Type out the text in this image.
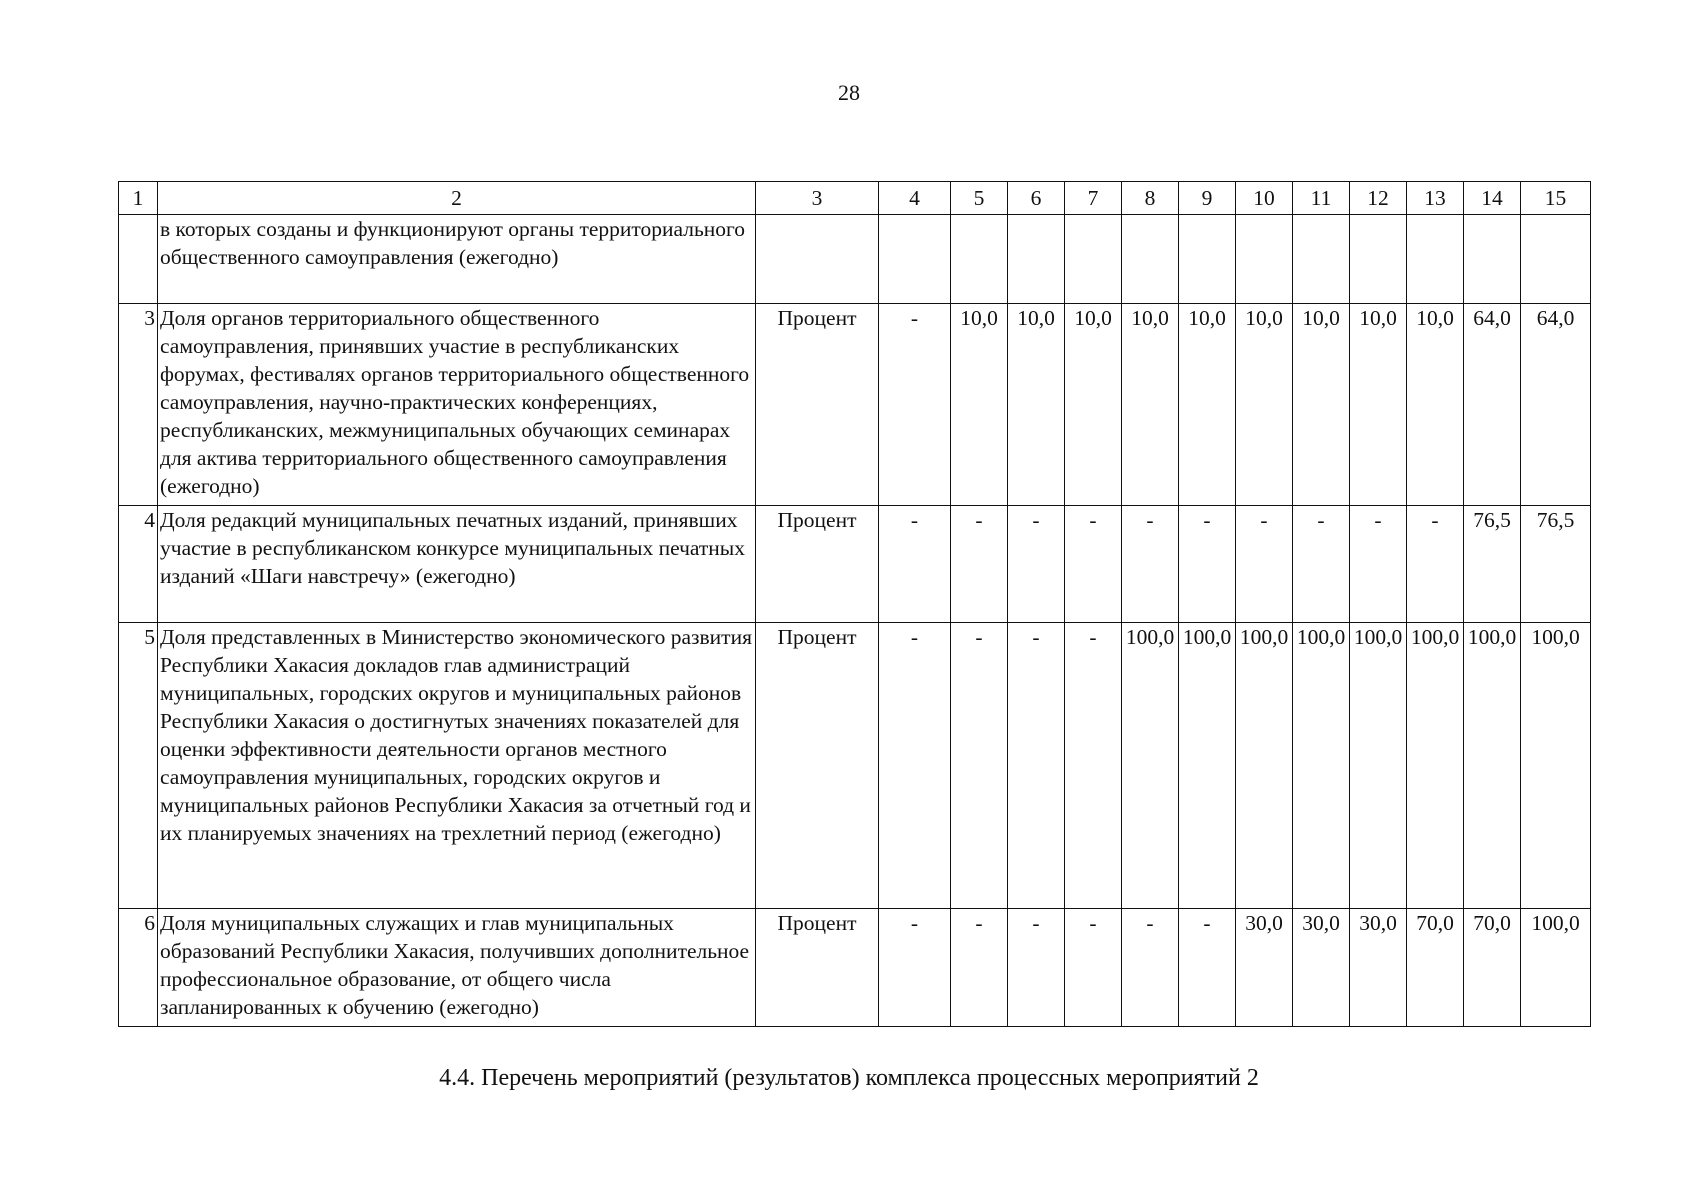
28
1	2	3	4	5	6	7	8	9	10	11	12	13	14	15
	в которых созданы и функционируют органы территориального общественного самоуправления (ежегодно)													
3	Доля органов территориального общественного самоуправления, принявших участие в республиканских форумах, фестивалях органов территориального общественного самоуправления, научно-практических конференциях, республиканских, межмуниципальных обучающих семинарах для актива территориального общественного самоуправления (ежегодно)	Процент	-	10,0	10,0	10,0	10,0	10,0	10,0	10,0	10,0	10,0	64,0	64,0
4	Доля редакций муниципальных печатных изданий, принявших участие в республиканском конкурсе муниципальных печатных изданий «Шаги навстречу» (ежегодно)	Процент	-	-	-	-	-	-	-	-	-	-	76,5	76,5
5	Доля представленных в Министерство экономического развития Республики Хакасия докладов глав администраций муниципальных, городских округов и муниципальных районов Республики Хакасия о достигнутых значениях показателей для оценки эффективности деятельности органов местного самоуправления муниципальных, городских округов и муниципальных районов Республики Хакасия за отчетный год и их планируемых значениях на трехлетний период (ежегодно)	Процент	-	-	-	-	100,0	100,0	100,0	100,0	100,0	100,0	100,0	100,0
6	Доля муниципальных служащих и глав муниципальных образований Республики Хакасия, получивших дополнительное профессиональное образование, от общего числа запланированных к обучению (ежегодно)	Процент	-	-	-	-	-	-	30,0	30,0	30,0	70,0	70,0	100,0
4.4. Перечень мероприятий (результатов) комплекса процессных мероприятий 2
